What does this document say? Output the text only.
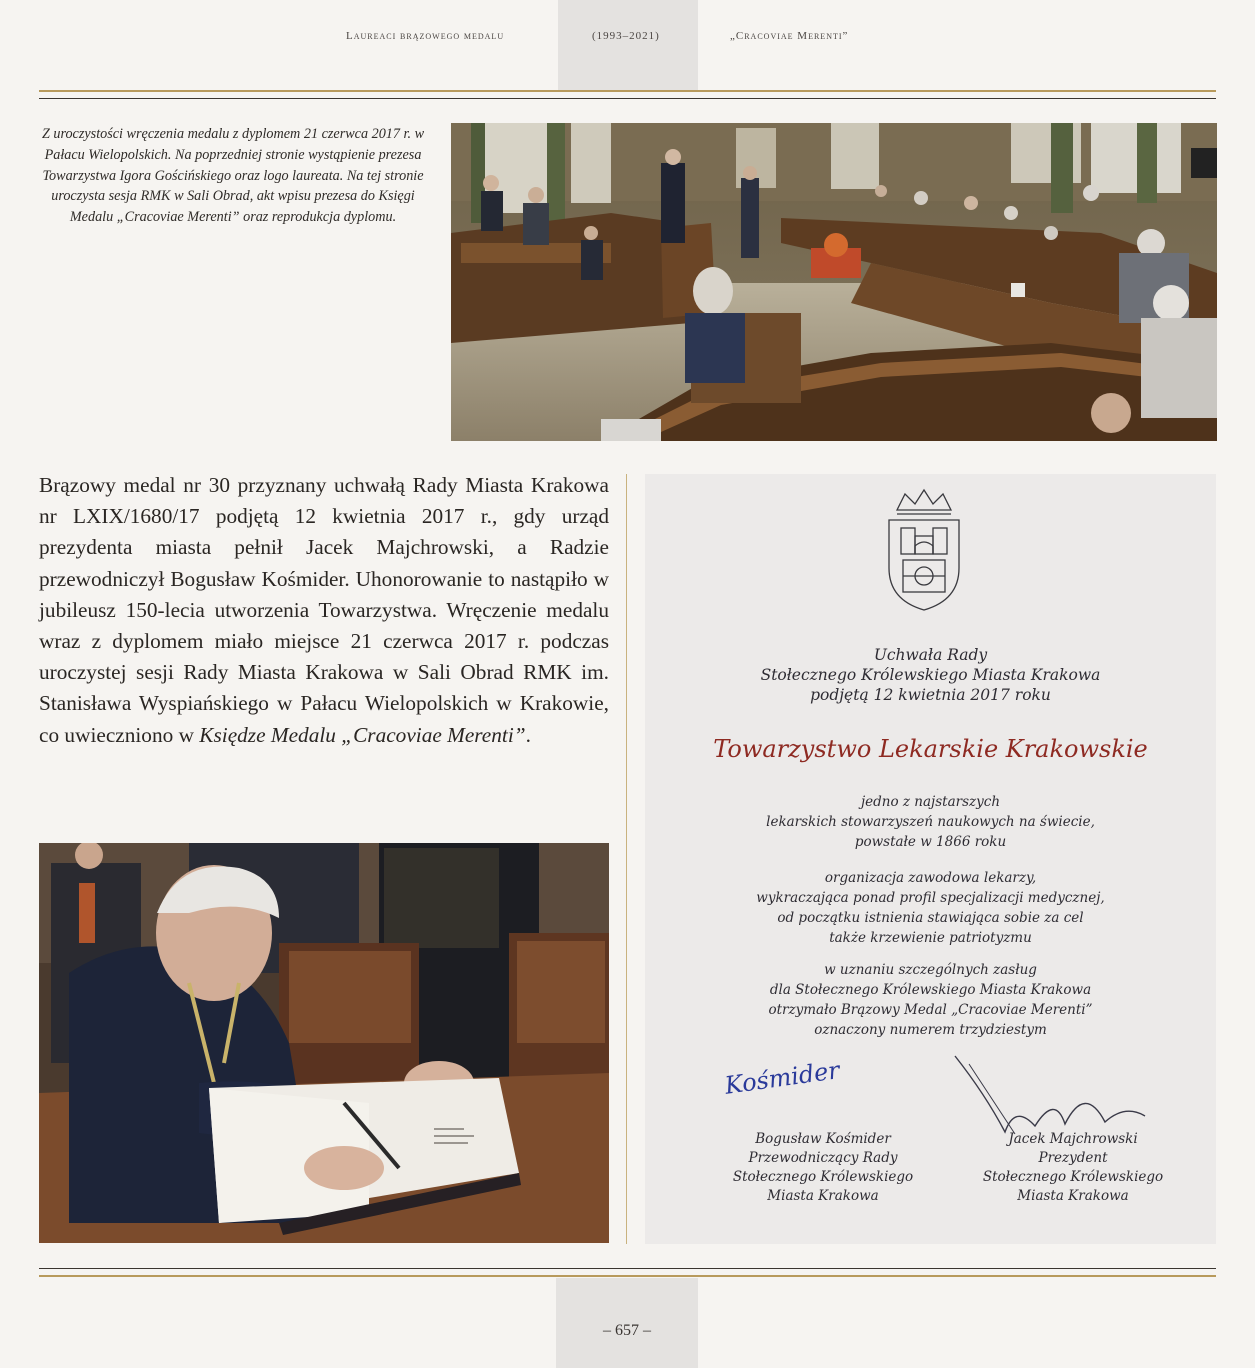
Laureaci brązowego medalu	(1993–2021)	„Cracoviae Merenti”
Z uroczystości wręczenia medalu z dyplomem 21 czerwca 2017 r. w Pałacu Wielopolskich. Na poprzedniej stronie wystąpienie prezesa Towarzystwa Igora Gościńskiego oraz logo laureata. Na tej stronie uroczysta sesja RMK w Sali Obrad, akt wpisu prezesa do Księgi Medalu „Cracoviae Merenti” oraz reprodukcja dyplomu.

Brązowy medal nr 30 przyznany uchwałą Rady Miasta Krakowa nr LXIX/1680/17 podjętą 12 kwietnia 2017 r., gdy urząd prezydenta miasta pełnił Jacek Majchrowski, a Radzie przewodniczył Bogusław Kośmider. Uhonorowanie to nastąpiło w jubileusz 150-lecia utworzenia Towarzystwa. Wręczenie medalu wraz z dyplomem miało miejsce 21 czerwca 2017 r. podczas uroczystej sesji Rady Miasta Krakowa w Sali Obrad RMK im. Stanisława Wyspiańskiego w Pałacu Wielopolskich w Krakowie, co uwieczniono w Księdze Medalu „Cracoviae Merenti”.

Uchwała Rady
Stołecznego Królewskiego Miasta Krakowa
podjętą 12 kwietnia 2017 roku
Towarzystwo Lekarskie Krakowskie
jedno z najstarszych
lekarskich stowarzyszeń naukowych na świecie,
powstałe w 1866 roku
organizacja zawodowa lekarzy,
wykraczająca ponad profil specjalizacji medycznej,
od początku istnienia stawiająca sobie za cel
także krzewienie patriotyzmu
w uznaniu szczególnych zasług
dla Stołecznego Królewskiego Miasta Krakowa
otrzymało Brązowy Medal „Cracoviae Merenti”
oznaczony numerem trzydziestym
Kośmider
Bogusław Kośmider
Przewodniczący Rady
Stołecznego Królewskiego
Miasta Krakowa
Jacek Majchrowski
Prezydent
Stołecznego Królewskiego
Miasta Krakowa
– 657 –
